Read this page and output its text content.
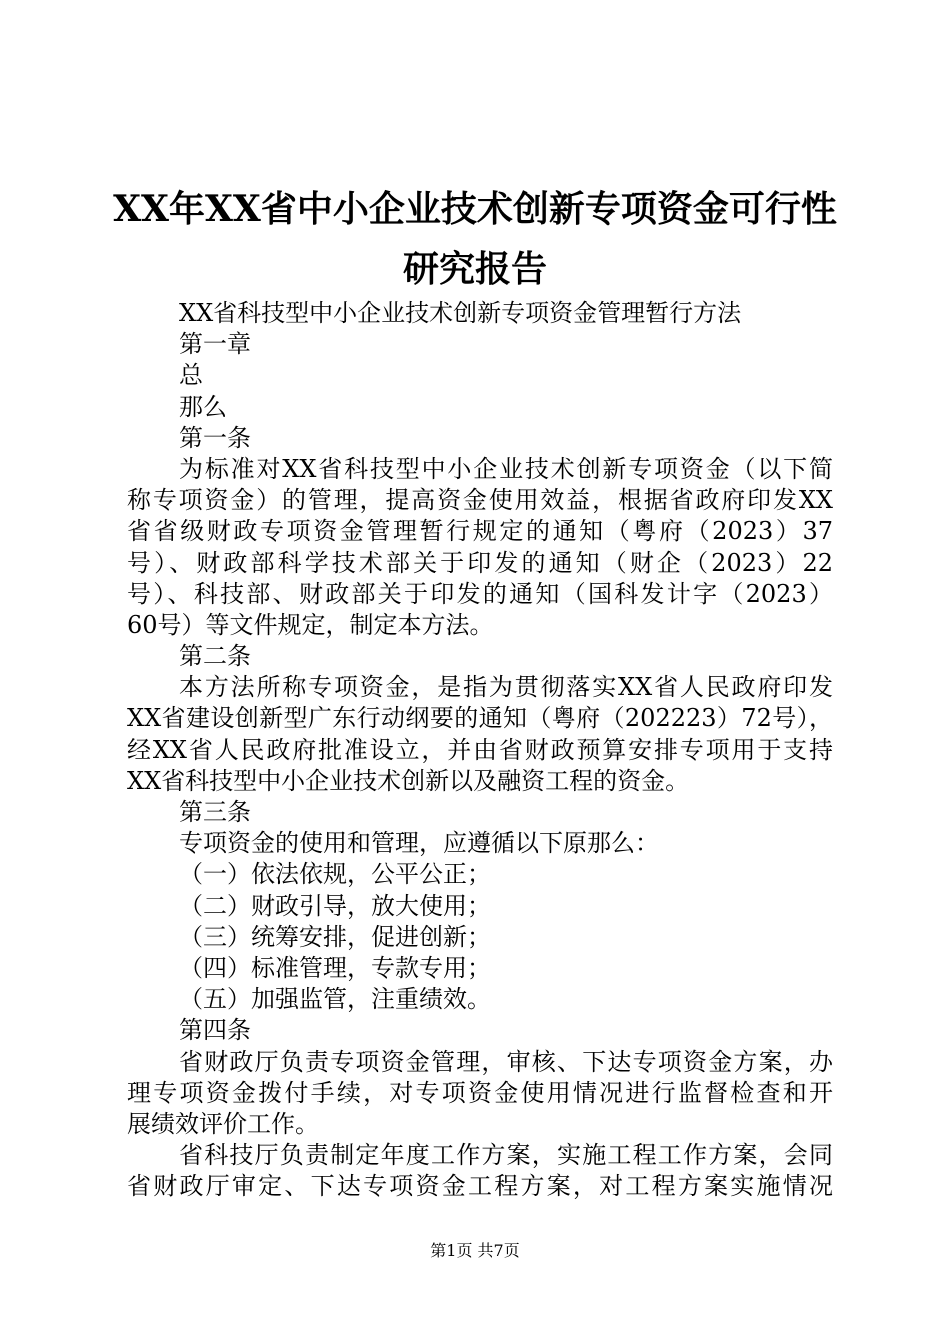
XX年XX省中小企业技术创新专项资金可行性
研究报告
XX省科技型中小企业技术创新专项资金管理暂行方法
第一章
总
那么
第一条
为标准对XX省科技型中小企业技术创新专项资金（以下简
称专项资金）的管理，提高资金使用效益，根据省政府印发XX
省省级财政专项资金管理暂行规定的通知（粤府（2023）37
号）、财政部科学技术部关于印发的通知（财企（2023）22
号）、科技部、财政部关于印发的通知（国科发计字（2023）
60号）等文件规定，制定本方法。
第二条
本方法所称专项资金，是指为贯彻落实XX省人民政府印发
XX省建设创新型广东行动纲要的通知（粤府（202223）72号），
经XX省人民政府批准设立，并由省财政预算安排专项用于支持
XX省科技型中小企业技术创新以及融资工程的资金。
第三条
专项资金的使用和管理，应遵循以下原那么：
（一）依法依规，公平公正；
（二）财政引导，放大使用；
（三）统筹安排，促进创新；
（四）标准管理，专款专用；
（五）加强监管，注重绩效。
第四条
省财政厅负责专项资金管理，审核、下达专项资金方案，办
理专项资金拨付手续，对专项资金使用情况进行监督检查和开
展绩效评价工作。
省科技厅负责制定年度工作方案，实施工程工作方案，会同
省财政厅审定、下达专项资金工程方案，对工程方案实施情况
第1页 共7页
